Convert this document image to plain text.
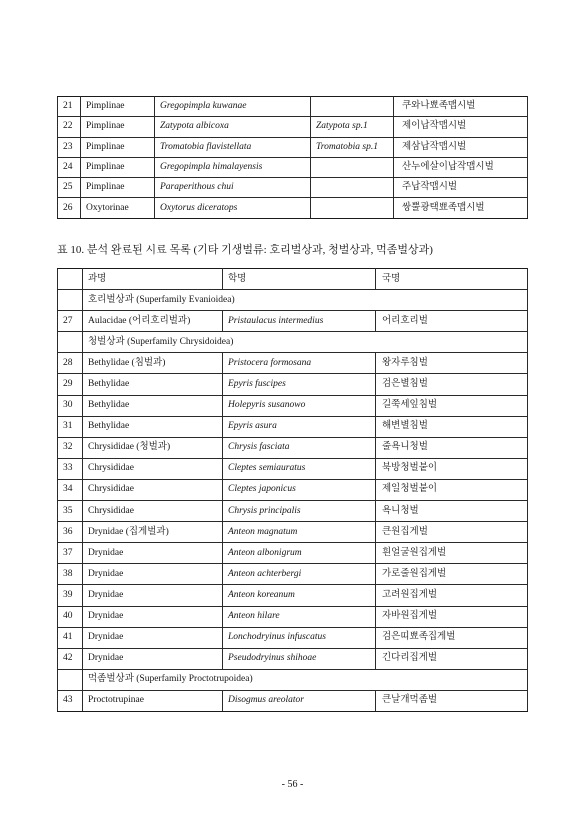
21	Pimplinae	Gregopimpla kuwanae		쿠와나뾰족맵시벌
22	Pimplinae	Zatypota albicoxa	Zatypota sp.1	제이납작맵시벌
23	Pimplinae	Tromatobia flavistellata	Tromatobia sp.1	제삼납작맵시벌
24	Pimplinae	Gregopimpla himalayensis		산누에살이납작맵시벌
25	Pimplinae	Paraperithous chui		주납작맵시벌
26	Oxytorinae	Oxytorus diceratops		쌍뿔광택뾰족맵시벌
표 10. 분석 완료된 시료 목록 (기타 기생벌류: 호리벌상과, 청벌상과, 먹좀벌상과)
	과명	학명	국명
	호리벌상과 (Superfamily Evanioidea)		
27	Aulacidae (어리호리벌과)	Pristaulacus intermedius	어리호리벌
	청벌상과 (Superfamily Chrysidoidea)		
28	Bethylidae (침벌과)	Pristocera formosana	왕자루침벌
29	Bethylidae	Epyris fuscipes	검은별침벌
30	Bethylidae	Holepyris susanowo	길쭉세잎침벌
31	Bethylidae	Epyris asura	해변별침벌
32	Chrysididae (청벌과)	Chrysis fasciata	줄욕니청벌
33	Chrysididae	Cleptes semiauratus	북방청벌붙이
34	Chrysididae	Cleptes japonicus	제일청벌붙이
35	Chrysididae	Chrysis principalis	욕니청벌
36	Drynidae (집게벌과)	Anteon magnatum	큰원집게벌
37	Drynidae	Anteon albonigrum	흰얼굴원집게벌
38	Drynidae	Anteon achterbergi	가로줄원집게벌
39	Drynidae	Anteon koreanum	고려원집게벌
40	Drynidae	Anteon hilare	자바원집게벌
41	Drynidae	Lonchodryinus infuscatus	검은띠뾰족집게벌
42	Drynidae	Pseudodryinus shihoae	긴다리집게벌
	먹좀벌상과 (Superfamily Proctotrupoidea)		
43	Proctotrupinae	Disogmus areolator	큰날개먹좀벌
- 56 -
